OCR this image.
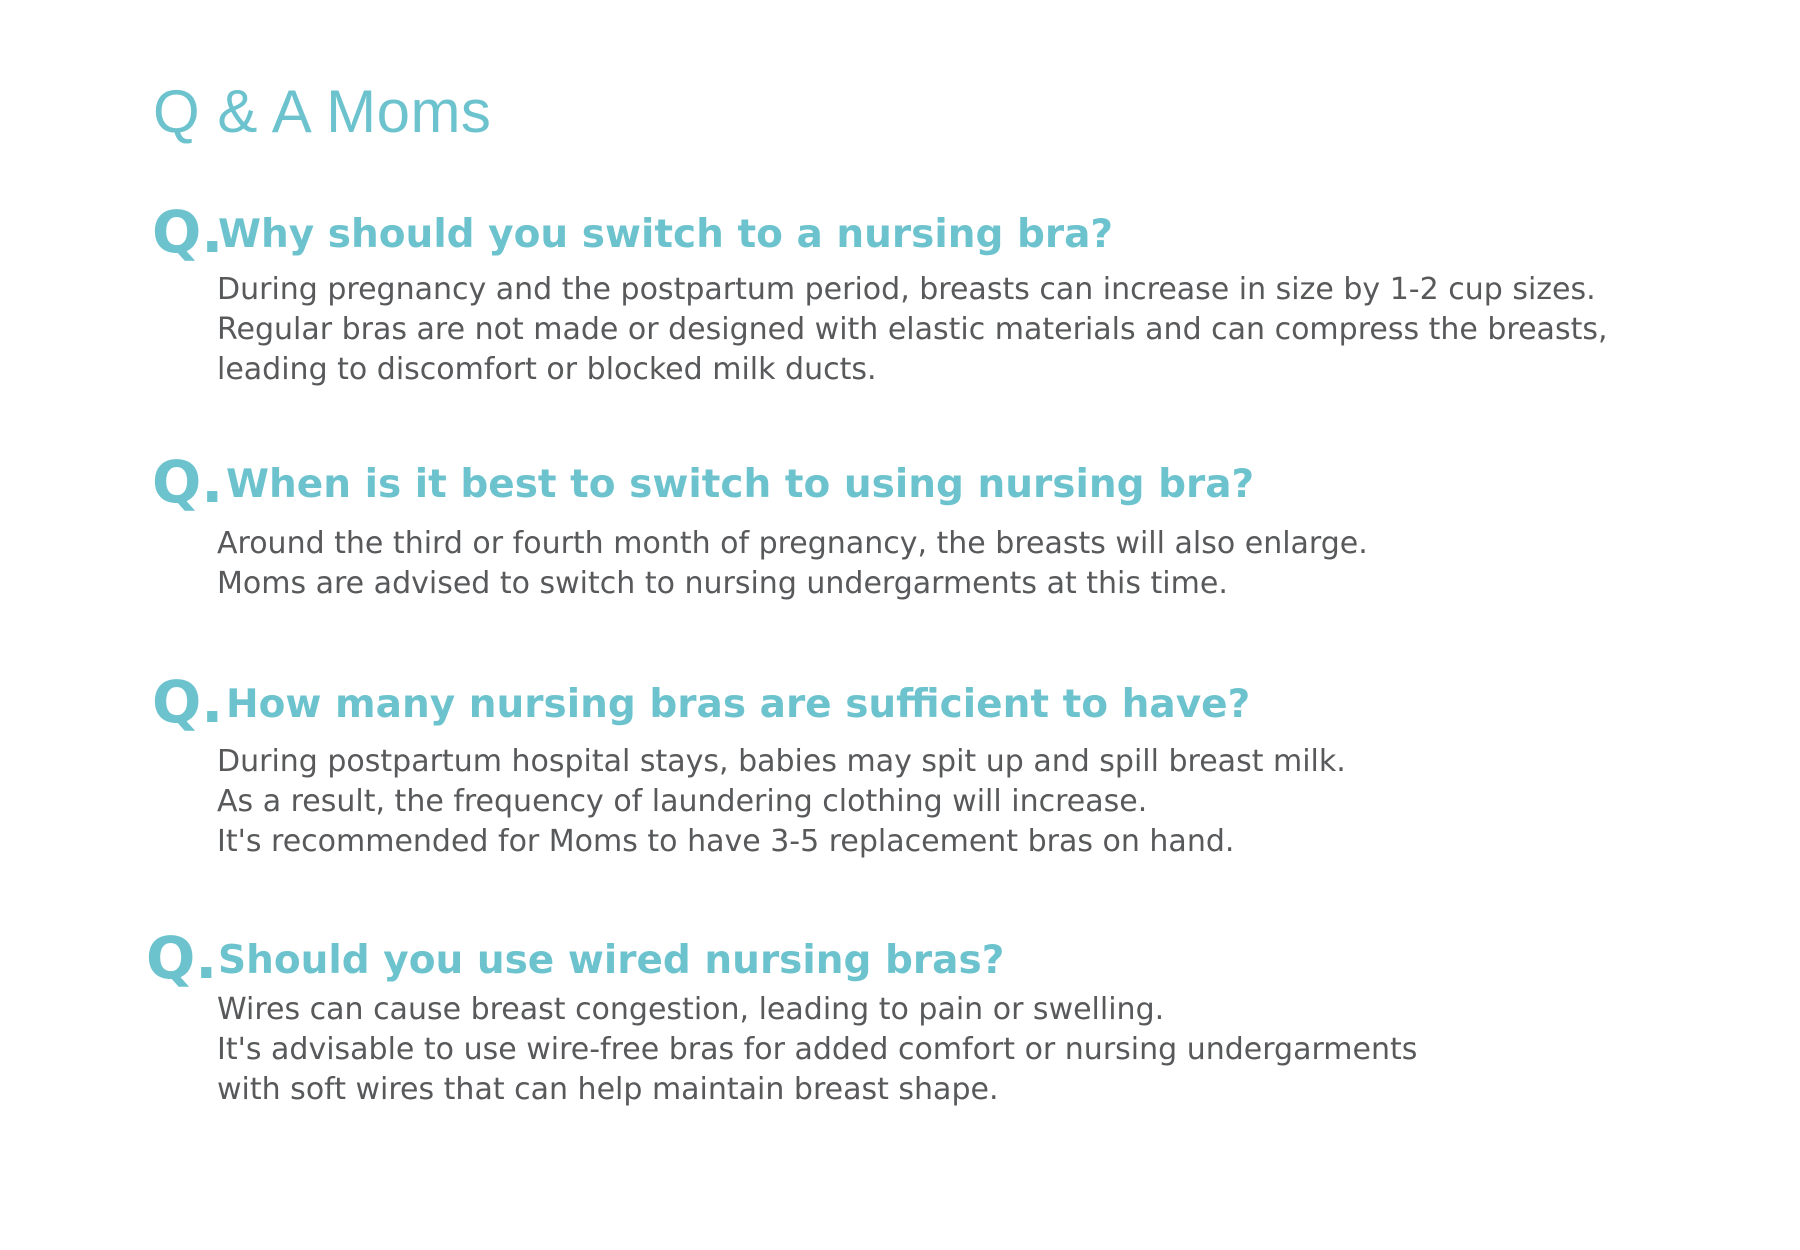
Q & A Moms
Q.
Why should you switch to a nursing bra?

During pregnancy and the postpartum period, breasts can increase in size by 1-2 cup sizes.
Regular bras are not made or designed with elastic materials and can compress the breasts,
leading to discomfort or blocked milk ducts.

Q. When is it best to switch to using nursing bra?

Around the third or fourth month of pregnancy, the breasts will also enlarge.
Moms are advised to switch to nursing undergarments at this time.

Q. How many nursing bras are sufficient to have?

During postpartum hospital stays, babies may spit up and spill breast milk.
As a result, the frequency of laundering clothing will increase.
It's recommended for Moms to have 3-5 replacement bras on hand.

Q. Should you use wired nursing bras?

Wires can cause breast congestion, leading to pain or swelling.
It's advisable to use wire-free bras for added comfort or nursing undergarments
with soft wires that can help maintain breast shape.
